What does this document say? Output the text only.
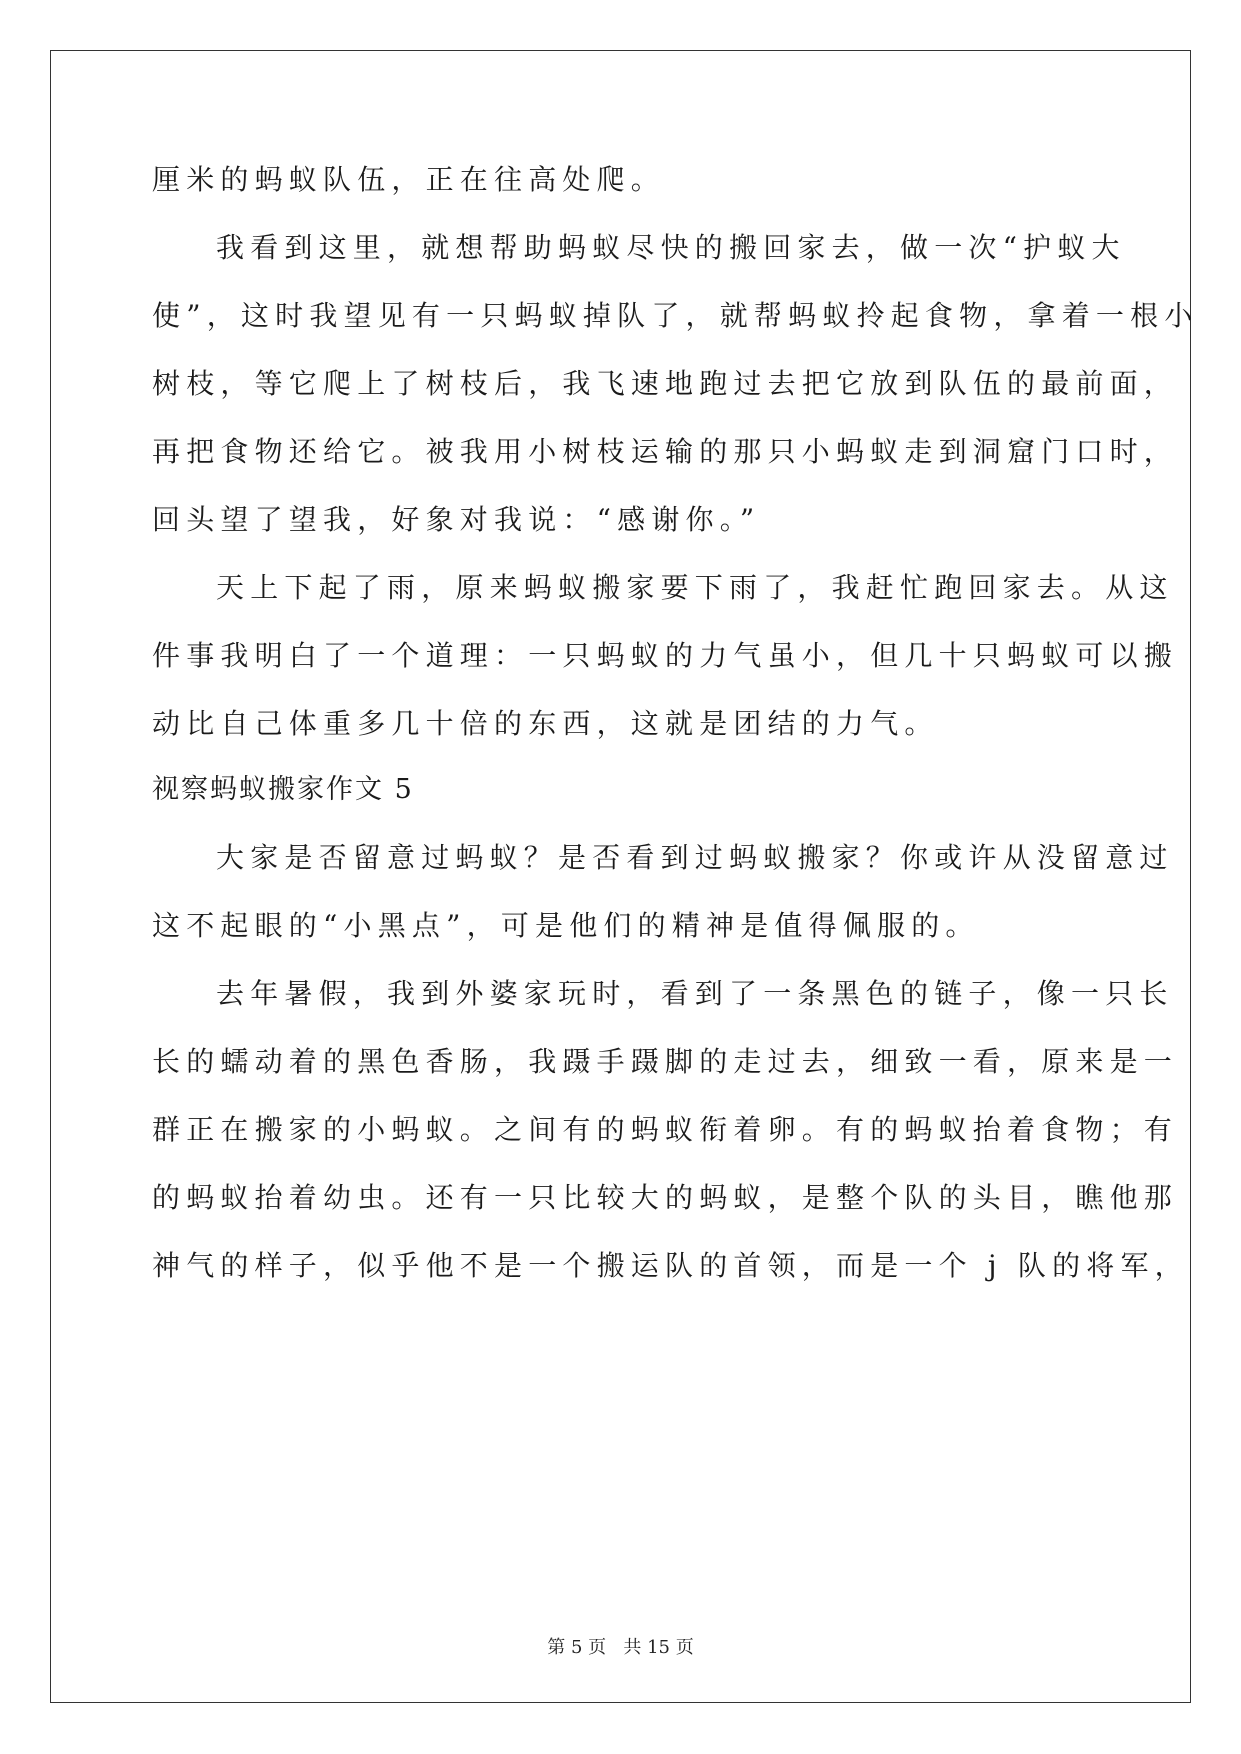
厘米的蚂蚁队伍，正在往高处爬。
我看到这里，就想帮助蚂蚁尽快的搬回家去，做一次“护蚁大
使”，这时我望见有一只蚂蚁掉队了，就帮蚂蚁拎起食物，拿着一根小
树枝，等它爬上了树枝后，我飞速地跑过去把它放到队伍的最前面，
再把食物还给它。被我用小树枝运输的那只小蚂蚁走到洞窟门口时，
回头望了望我，好象对我说：“感谢你。”
天上下起了雨，原来蚂蚁搬家要下雨了，我赶忙跑回家去。从这
件事我明白了一个道理：一只蚂蚁的力气虽小，但几十只蚂蚁可以搬
动比自己体重多几十倍的东西，这就是团结的力气。
视察蚂蚁搬家作文 5
大家是否留意过蚂蚁？是否看到过蚂蚁搬家？你或许从没留意过
这不起眼的“小黑点”，可是他们的精神是值得佩服的。
去年暑假，我到外婆家玩时，看到了一条黑色的链子，像一只长
长的蠕动着的黑色香肠，我蹑手蹑脚的走过去，细致一看，原来是一
群正在搬家的小蚂蚁。之间有的蚂蚁衔着卵。有的蚂蚁抬着食物；有
的蚂蚁抬着幼虫。还有一只比较大的蚂蚁，是整个队的头目，瞧他那
神气的样子，似乎他不是一个搬运队的首领，而是一个 j 队的将军，
第 5 页 共 15 页
